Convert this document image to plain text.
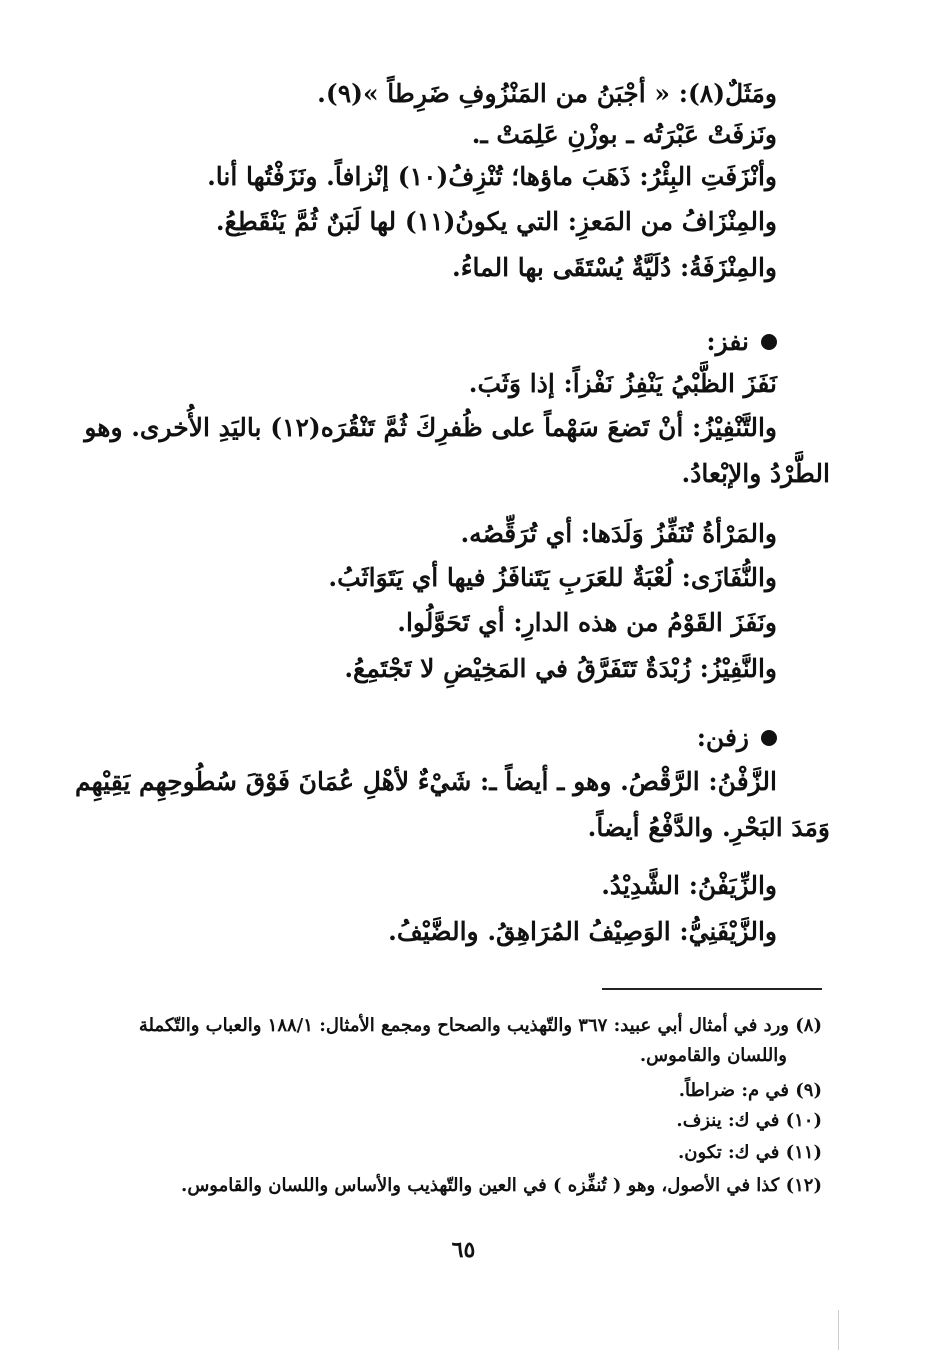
ومَثَلٌ(٨): « أجْبَنُ من المَنْزُوفِ ضَرِطاً »(٩).
ونَزفَتْ عَبْرَتُه ـ بوزْنِ عَلِمَتْ ـ.
وأنْزَفَتِ البِئْرُ: ذَهَبَ ماؤها؛ تُنْزِفُ(١٠) إنْزافاً. ونَزَفْتُها أنا.
والمِنْزَافُ من المَعزِ: التي يكونُ(١١) لها لَبَنٌ ثُمَّ يَنْقَطِعُ.
والمِنْزَفَةُ: دُلَيَّةٌ يُسْتَقَى بها الماءُ.
نفز:
نَفَزَ الظَّبْيُ يَنْفِزُ نَفْزاً: إذا وَثَبَ.
والتَّنْفِيْزُ: أنْ تَضعَ سَهْماً على ظُفرِكَ ثُمَّ تَنْقُرَه(١٢) باليَدِ الأُخرى. وهو
الطَّرْدُ والإبْعادُ.
والمَرْأةُ تُنَفِّزُ وَلَدَها: أي تُرَقِّصُه.
والنُّفَازَى: لُعْبَةٌ للعَرَبِ يَتَنافَزُ فيها أي يَتَوَاثَبُ.
ونَفَزَ القَوْمُ من هذه الدارِ: أي تَحَوَّلُوا.
والنَّفِيْزُ: زُبْدَةٌ تَتَفَرَّقُ في المَخِيْضِ لا تَجْتَمِعُ.
زفن:
الزَّفْنُ: الرَّقْصُ. وهو ـ أيضاً ـ: شَيْءٌ لأهْلِ عُمَانَ فَوْقَ سُطُوحِهِم يَقِيْهِم
وَمَدَ البَحْرِ. والدَّفْعُ أيضاً.
والزِّيَفْنُ: الشَّدِيْدُ.
والزَّيْفَنِيُّ: الوَصِيْفُ المُرَاهِقُ. والضَّيْفُ.
(٨) ورد في أمثال أبي عبيد: ٣٦٧ والتّهذيب والصحاح ومجمع الأمثال: ١٨٨/١ والعباب والتّكملة
واللسان والقاموس.
(٩) في م: ضراطاً.
(١٠) في ك: ينزف.
(١١) في ك: تكون.
(١٢) كذا في الأصول، وهو ( تُنفِّزه ) في العين والتّهذيب والأساس واللسان والقاموس.
٦٥
